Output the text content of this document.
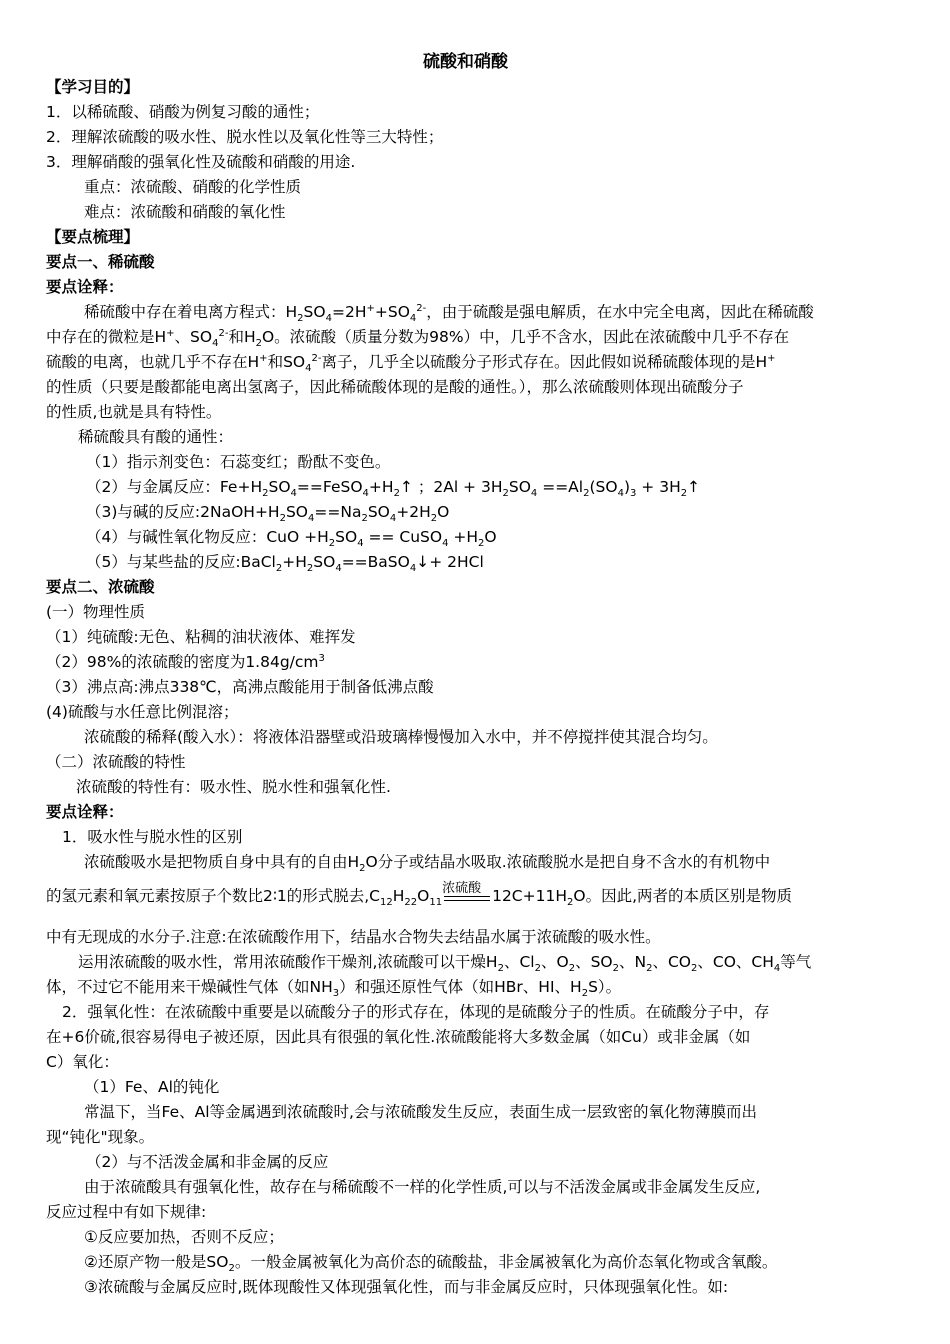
硫酸和硝酸
【学习目的】
1．以稀硫酸、硝酸为例复习酸的通性；
2．理解浓硫酸的吸水性、脱水性以及氧化性等三大特性；
3．理解硝酸的强氧化性及硫酸和硝酸的用途.
重点：浓硫酸、硝酸的化学性质
难点：浓硫酸和硝酸的氧化性
【要点梳理】
要点一、稀硫酸
要点诠释：
稀硫酸中存在着电离方程式：$H_2SO_4=2H^++SO_4^{2-}$，由于硫酸是强电解质，在水中完全电离，因此在稀硫酸
中存在的微粒是H+、$SO_4^{2-}$和$H_2O$。浓硫酸（质量分数为98%）中，几乎不含水，因此在浓硫酸中几乎不存在
硫酸的电离，也就几乎不存在H+和$SO_4^{2-}$离子，几乎全以硫酸分子形式存在。因此假如说稀硫酸体现的是H+
的性质（只要是酸都能电离出氢离子，因此稀硫酸体现的是酸的通性。），那么浓硫酸则体现出硫酸分子
的性质,也就是具有特性。
稀硫酸具有酸的通性：
（1）指示剂变色：石蕊变红；酚酞不变色。
（2）与金属反应：$Fe+H_2SO_4==FeSO_4+H_2↑$ ；$2Al + 3H_2SO_4 ==Al_2(SO_4)_3$ + $3H_2↑$
（3)与碱的反应$:2NaOH+H_2SO_4==Na_2SO_4+2H_2O$
（4）与碱性氧化物反应：CuO $+H_2SO_4$ == CuSO$_4$ $+H_2O$
（5）与某些盐的反应$:BaCl_2+H_2SO_4==BaSO_4↓+ 2HCl$
要点二、浓硫酸
(一）物理性质
（1）纯硫酸:无色、粘稠的油状液体、难挥发
（2）98%的浓硫酸的密度为$1.84g/cm^3$
（3）沸点高:沸点338℃，高沸点酸能用于制备低沸点酸
(4)硫酸与水任意比例混溶；
浓硫酸的稀释(酸入水）：将液体沿器壁或沿玻璃棒慢慢加入水中，并不停搅拌使其混合均匀。
（二）浓硫酸的特性
浓硫酸的特性有：吸水性、脱水性和强氧化性.
要点诠释：
1．吸水性与脱水性的区别
浓硫酸吸水是把物质自身中具有的自由$H_2O$分子或结晶水吸取.浓硫酸脱水是把自身不含水的有机物中
的氢元素和氧元素按原子个数比2∶1的形式脱去$,C_{12}H_{22}O_{11}$
浓硫酸 $12C+11H_2O$。因此,两者的本质区别是物质
中有无现成的水分子.注意:在浓硫酸作用下，结晶水合物失去结晶水属于浓硫酸的吸水性。
运用浓硫酸的吸水性，常用浓硫酸作干燥剂,浓硫酸可以干燥$H_2$、$Cl_2$、$O_2$、$SO_2$、$N_2$、$CO_2$、CO、$CH_4$等气
体，不过它不能用来干燥碱性气体（如$NH_3$）和强还原性气体（如HBr、HI、$H_2S$）。
2．强氧化性：在浓硫酸中重要是以硫酸分子的形式存在，体现的是硫酸分子的性质。在硫酸分子中，存
在+6价硫,很容易得电子被还原，因此具有很强的氧化性.浓硫酸能将大多数金属（如Cu）或非金属（如
C）氧化：
（1）Fe、Al的钝化
常温下，当Fe、Al等金属遇到浓硫酸时,会与浓硫酸发生反应，表面生成一层致密的氧化物薄膜而出
现“钝化"现象。
（2）与不活泼金属和非金属的反应
由于浓硫酸具有强氧化性，故存在与稀硫酸不一样的化学性质,可以与不活泼金属或非金属发生反应,
反应过程中有如下规律:
①反应要加热，否则不反应；
②还原产物一般是$SO_2$。一般金属被氧化为高价态的硫酸盐，非金属被氧化为高价态氧化物或含氧酸。
③浓硫酸与金属反应时,既体现酸性又体现强氧化性，而与非金属反应时，只体现强氧化性。如:
